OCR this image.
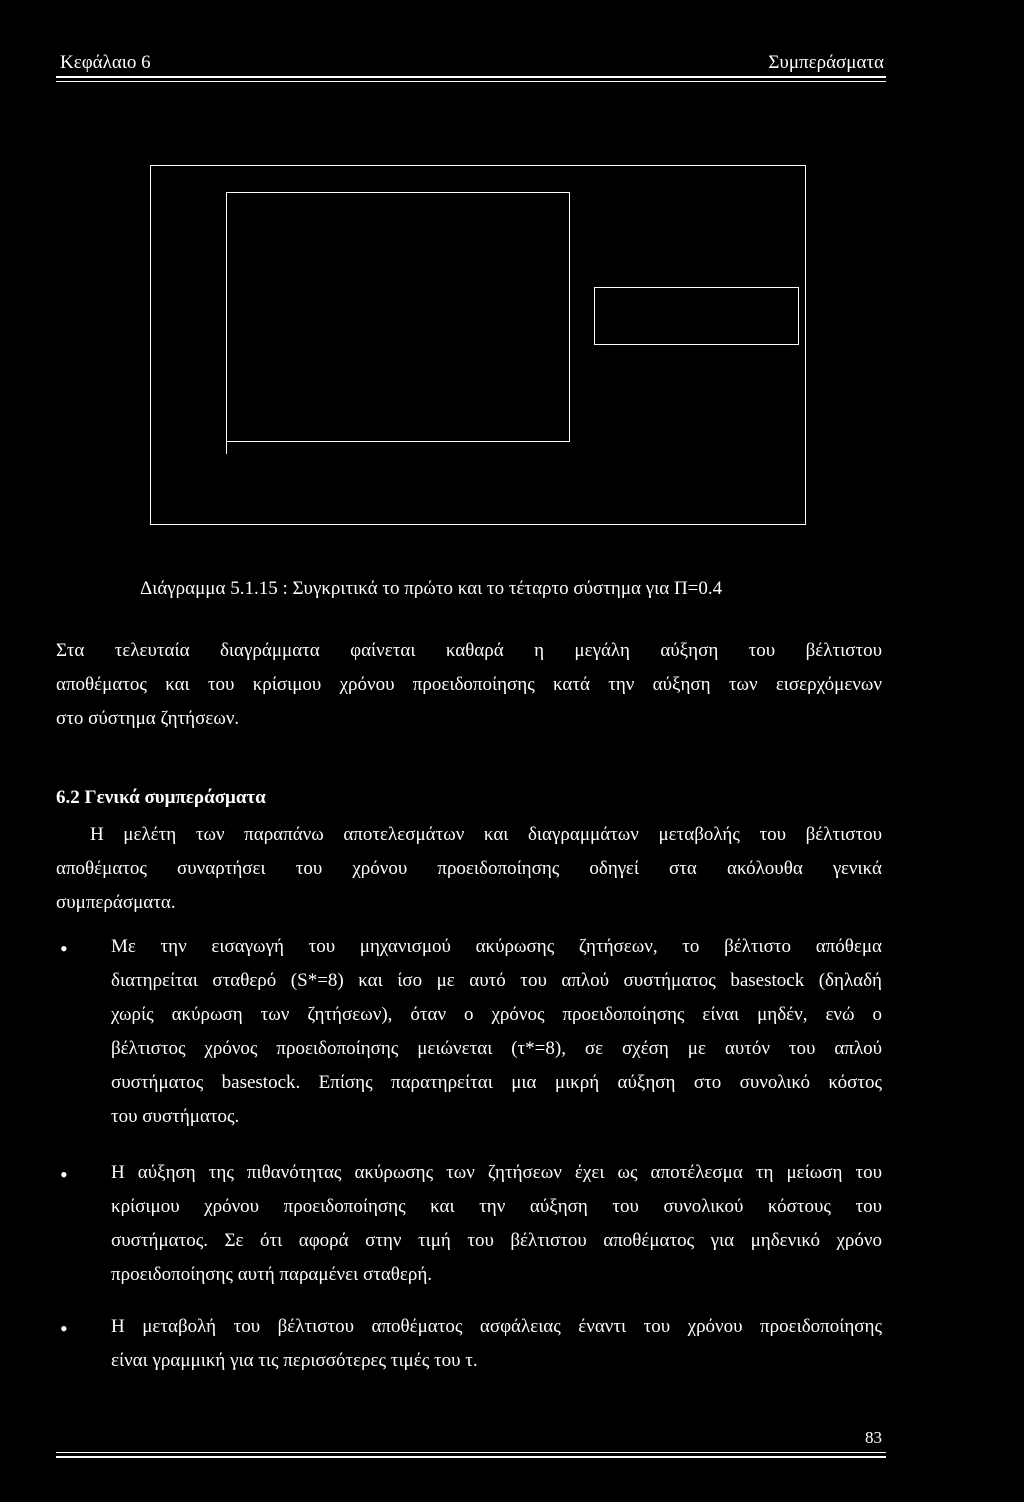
Κεφάλαιο 6	Συμπεράσματα
Διάγραμμα 5.1.15 : Συγκριτικά το πρώτο και το τέταρτο σύστημα για Π=0.4
Στα τελευταία διαγράμματα φαίνεται καθαρά η μεγάλη αύξηση του βέλτιστου
αποθέματος και του κρίσιμου χρόνου προειδοποίησης κατά την αύξηση των εισερχόμενων
στο σύστημα ζητήσεων.
6.2 Γενικά συμπεράσματα
Η μελέτη των παραπάνω αποτελεσμάτων και διαγραμμάτων μεταβολής του βέλτιστου
αποθέματος συναρτήσει του χρόνου προειδοποίησης οδηγεί στα ακόλουθα γενικά
συμπεράσματα.
• Με την εισαγωγή του μηχανισμού ακύρωσης ζητήσεων, το βέλτιστο απόθεμα
διατηρείται σταθερό (S*=8) και ίσο με αυτό του απλού συστήματος basestock (δηλαδή
χωρίς ακύρωση των ζητήσεων), όταν ο χρόνος προειδοποίησης είναι μηδέν, ενώ ο
βέλτιστος χρόνος προειδοποίησης μειώνεται (τ*=8), σε σχέση με αυτόν του απλού
συστήματος basestock. Επίσης παρατηρείται μια μικρή αύξηση στο συνολικό κόστος
του συστήματος.
• Η αύξηση της πιθανότητας ακύρωσης των ζητήσεων έχει ως αποτέλεσμα τη μείωση του
κρίσιμου χρόνου προειδοποίησης και την αύξηση του συνολικού κόστους του
συστήματος. Σε ότι αφορά στην τιμή του βέλτιστου αποθέματος για μηδενικό χρόνο
προειδοποίησης αυτή παραμένει σταθερή.
• Η μεταβολή του βέλτιστου αποθέματος ασφάλειας έναντι του χρόνου προειδοποίησης
είναι γραμμική για τις περισσότερες τιμές του τ.
83
